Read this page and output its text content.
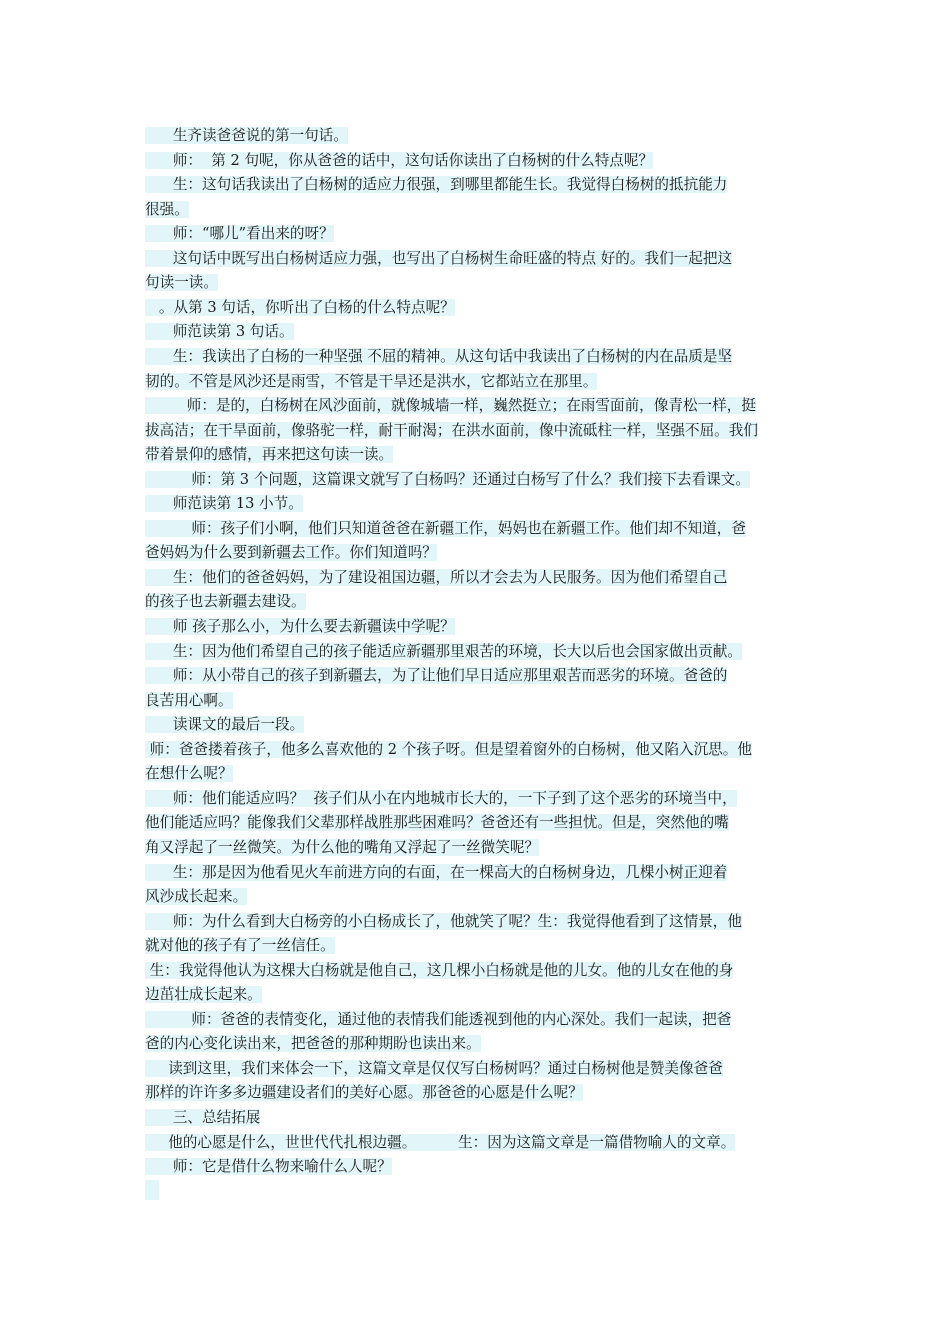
生齐读爸爸说的第一句话。
师：  第 2 句呢，你从爸爸的话中，这句话你读出了白杨树的什么特点呢？
生：这句话我读出了白杨树的适应力很强，到哪里都能生长。我觉得白杨树的抵抗能力
很强。
师：“哪儿”看出来的呀？
这句话中既写出白杨树适应力强，也写出了白杨树生命旺盛的特点 好的。我们一起把这
句读一读。
。从第 3 句话，你听出了白杨的什么特点呢？
师范读第 3 句话。
生：我读出了白杨的一种坚强 不屈的精神。从这句话中我读出了白杨树的内在品质是坚
韧的。不管是风沙还是雨雪，不管是干旱还是洪水，它都站立在那里。
师：是的，白杨树在风沙面前，就像城墙一样，巍然挺立；在雨雪面前，像青松一样，挺
拔高洁；在干旱面前，像骆驼一样，耐干耐渴；在洪水面前，像中流砥柱一样，坚强不屈。我们
带着景仰的感情，再来把这句读一读。
师：第 3 个问题，这篇课文就写了白杨吗？还通过白杨写了什么？我们接下去看课文。
师范读第 13 小节。
师：孩子们小啊，他们只知道爸爸在新疆工作，妈妈也在新疆工作。他们却不知道，爸
爸妈妈为什么要到新疆去工作。你们知道吗？
生：他们的爸爸妈妈，为了建设祖国边疆，所以才会去为人民服务。因为他们希望自己
的孩子也去新疆去建设。
师 孩子那么小，为什么要去新疆读中学呢？
生：因为他们希望自己的孩子能适应新疆那里艰苦的环境，长大以后也会国家做出贡献。
师：从小带自己的孩子到新疆去，为了让他们早日适应那里艰苦而恶劣的环境。爸爸的
良苦用心啊。
读课文的最后一段。
师：爸爸搂着孩子，他多么喜欢他的 2 个孩子呀。但是望着窗外的白杨树，他又陷入沉思。他
在想什么呢？
师：他们能适应吗？  孩子们从小在内地城市长大的，一下子到了这个恶劣的环境当中，
他们能适应吗？能像我们父辈那样战胜那些困难吗？爸爸还有一些担忧。但是，突然他的嘴
角又浮起了一丝微笑。为什么他的嘴角又浮起了一丝微笑呢？
生：那是因为他看见火车前进方向的右面，在一棵高大的白杨树身边，几棵小树正迎着
风沙成长起来。
师：为什么看到大白杨旁的小白杨成长了，他就笑了呢？生：我觉得他看到了这情景，他
就对他的孩子有了一丝信任。
生：我觉得他认为这棵大白杨就是他自己，这几棵小白杨就是他的儿女。他的儿女在他的身
边茁壮成长起来。
师：爸爸的表情变化，通过他的表情我们能透视到他的内心深处。我们一起读，把爸
爸的内心变化读出来，把爸爸的那种期盼也读出来。
读到这里，我们来体会一下，这篇文章是仅仅写白杨树吗？通过白杨树他是赞美像爸爸
那样的许许多多边疆建设者们的美好心愿。那爸爸的心愿是什么呢？
三、总结拓展
他的心愿是什么，世世代代扎根边疆。         生：因为这篇文章是一篇借物喻人的文章。
师：它是借什么物来喻什么人呢？
